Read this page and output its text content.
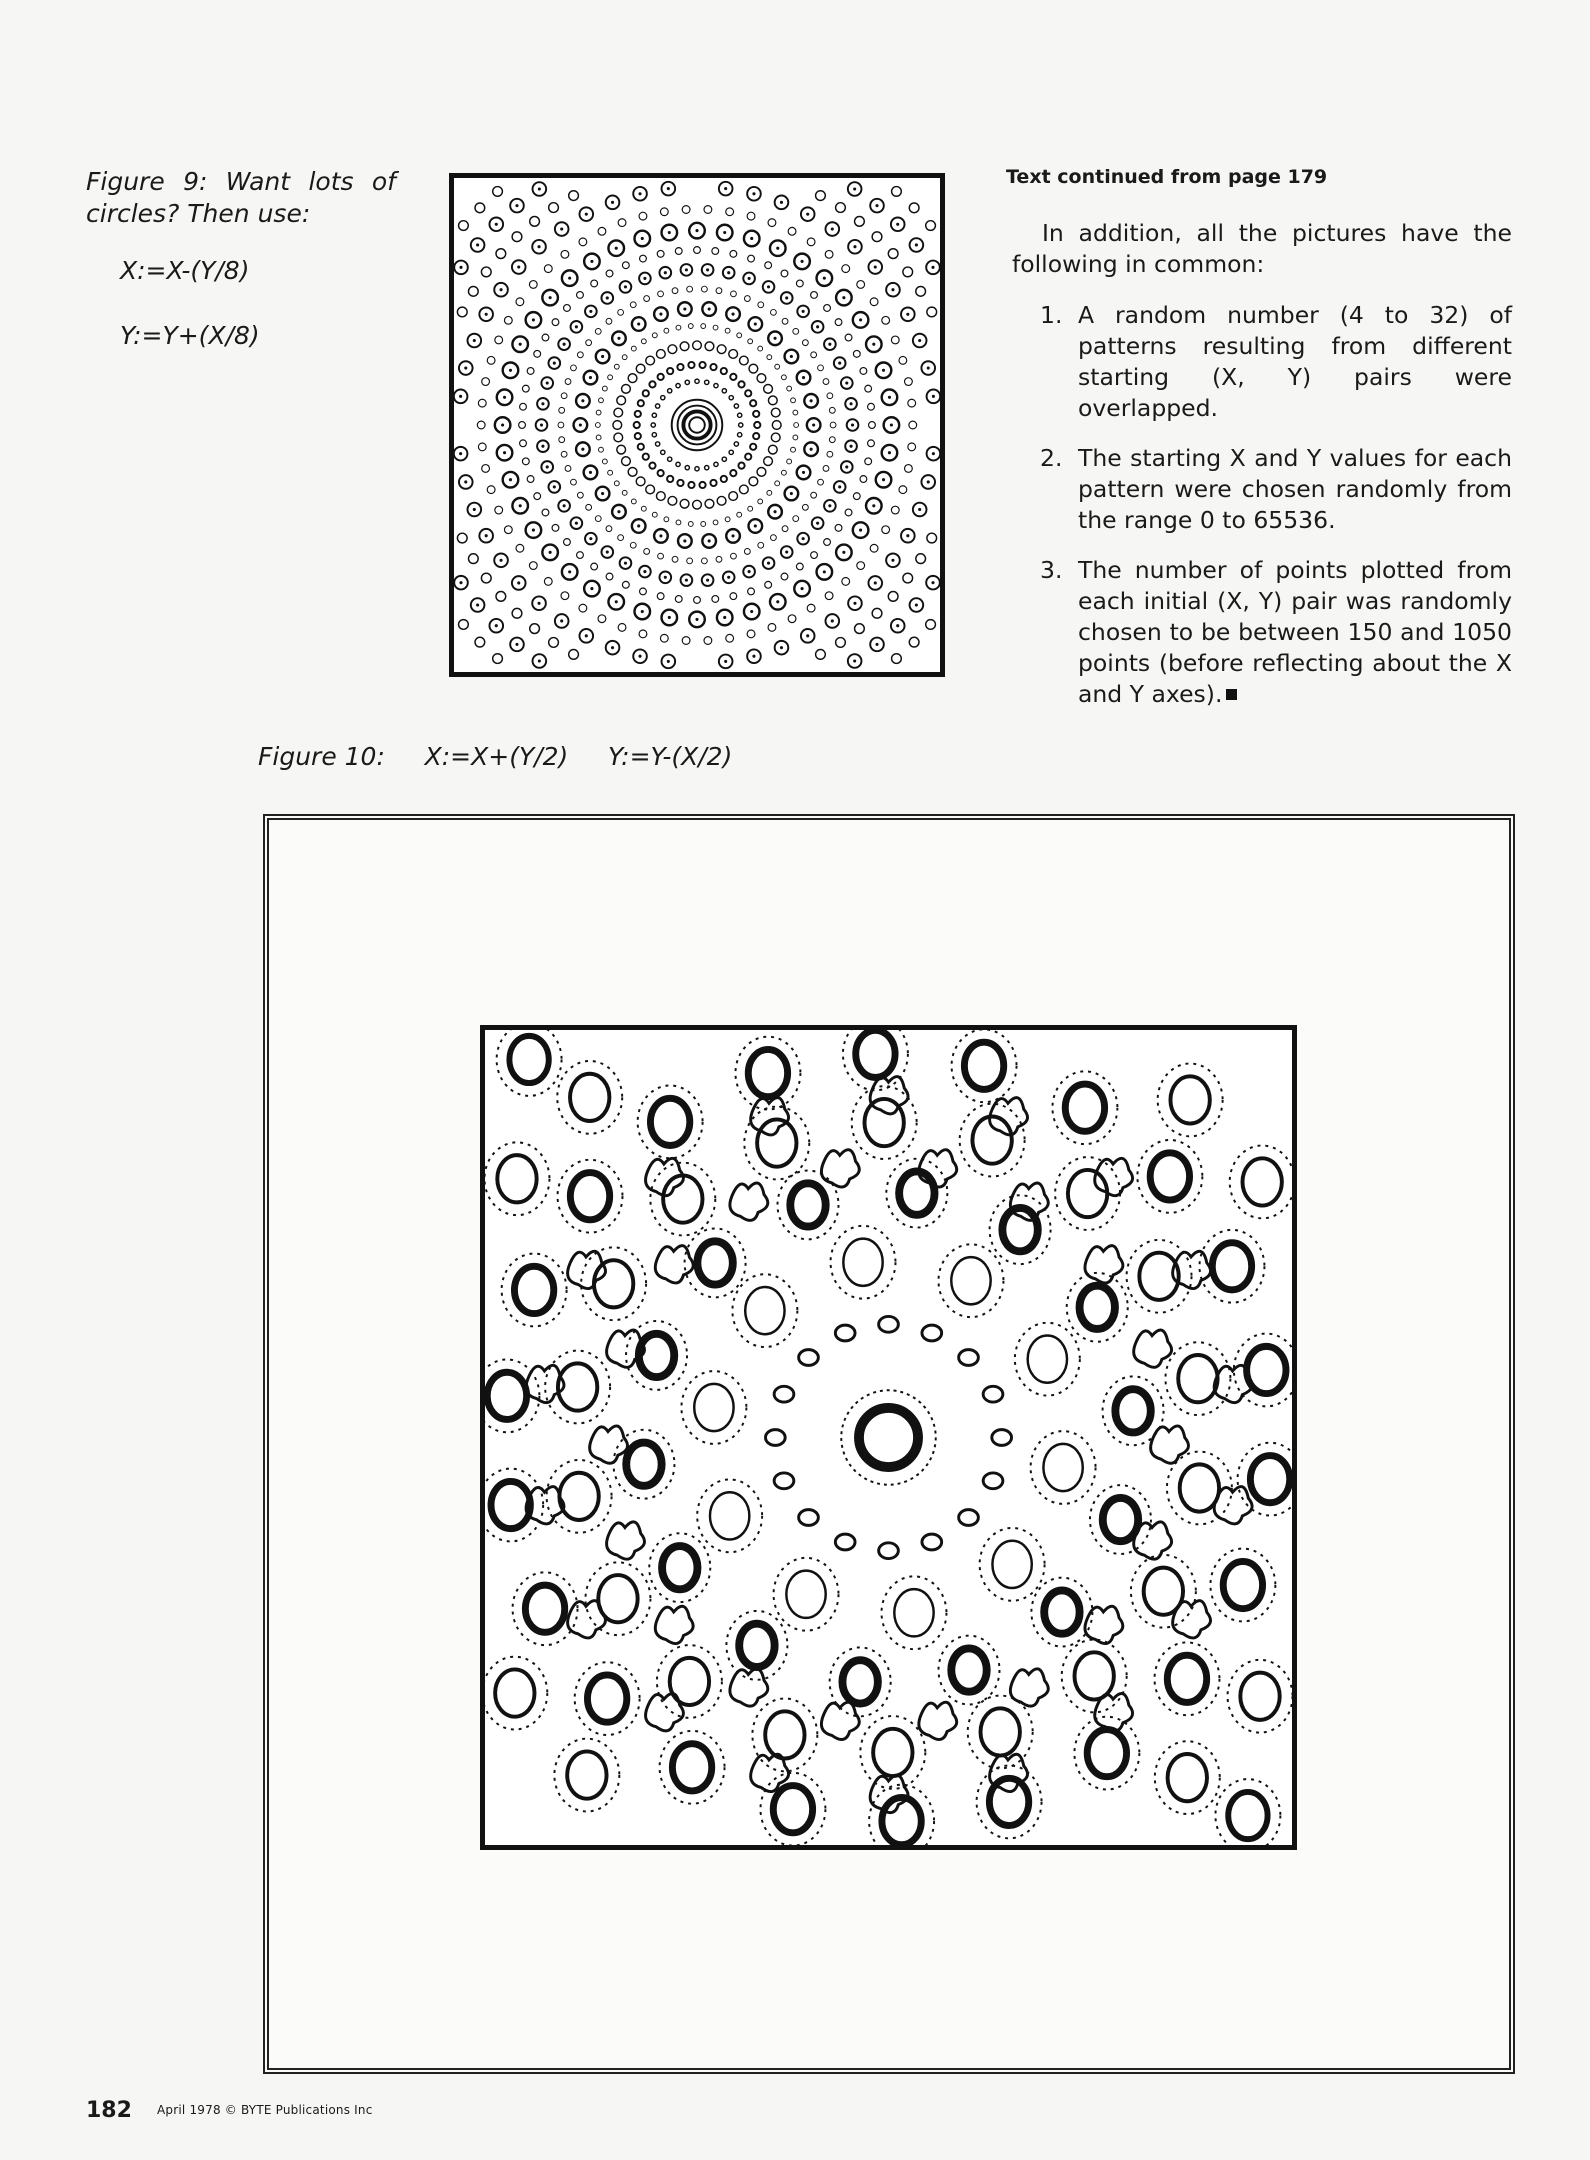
Figure 9: Want lots of circles? Then use:
X:=X-(Y/8)
Y:=Y+(X/8)
Text continued from page 179
In addition, all the pictures have the following in common:
1. A random number (4 to 32) of patterns resulting from different starting (X, Y) pairs were overlapped.
2. The starting X and Y values for each pattern were chosen randomly from the range 0 to 65536.
3. The number of points plotted from each initial (X, Y) pair was randomly chosen to be between 150 and 1050 points (before reflecting about the X and Y axes).
Figure 10: X:=X+(Y/2) Y:=Y-(X/2)
182 April 1978 © BYTE Publications Inc
